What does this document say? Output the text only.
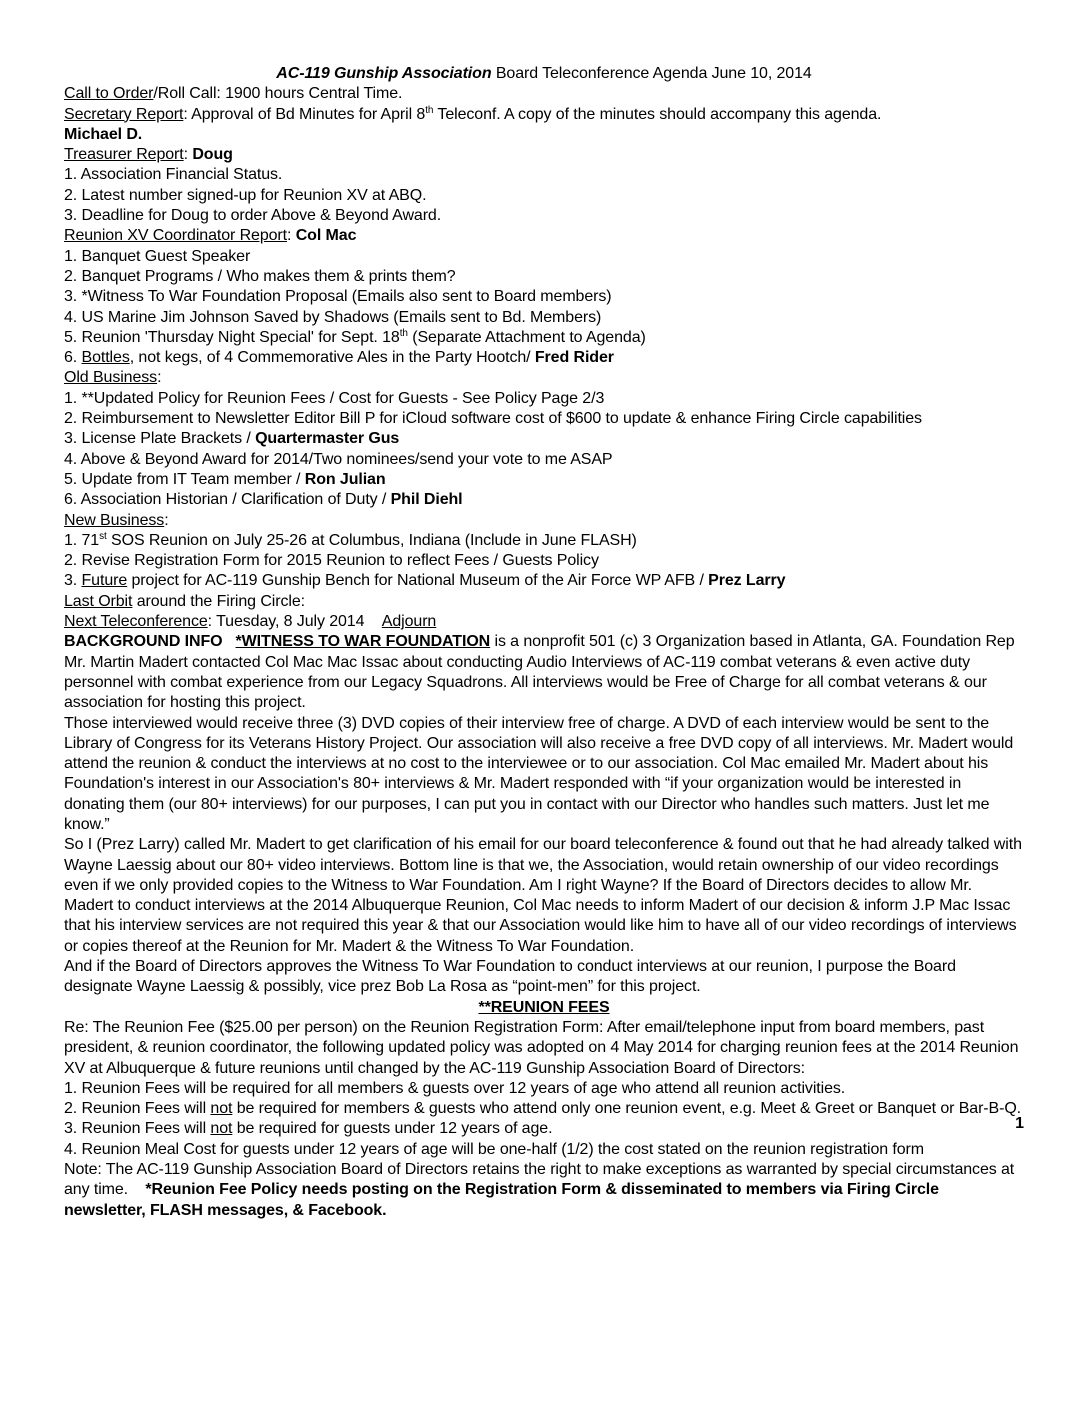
AC-119 Gunship Association Board Teleconference Agenda June 10, 2014
Call to Order/Roll Call: 1900 hours Central Time.
Secretary Report: Approval of Bd Minutes for April 8th Teleconf. A copy of the minutes should accompany this agenda.
Michael D.
Treasurer Report: Doug
1. Association Financial Status.
2. Latest number signed-up for Reunion XV at ABQ.
3. Deadline for Doug to order Above & Beyond Award.
Reunion XV Coordinator Report: Col Mac
1. Banquet Guest Speaker
2. Banquet Programs / Who makes them & prints them?
3. *Witness To War Foundation Proposal (Emails also sent to Board members)
4. US Marine Jim Johnson Saved by Shadows (Emails sent to Bd. Members)
5. Reunion 'Thursday Night Special' for Sept. 18th (Separate Attachment to Agenda)
6. Bottles, not kegs, of 4 Commemorative Ales in the Party Hootch/ Fred Rider
Old Business:
1. **Updated Policy for Reunion Fees / Cost for Guests - See Policy Page 2/3
2. Reimbursement to Newsletter Editor Bill P for iCloud software cost of $600 to update & enhance Firing Circle capabilities
3. License Plate Brackets / Quartermaster Gus
4. Above & Beyond Award for 2014/Two nominees/send your vote to me ASAP
5. Update from IT Team member / Ron Julian
6. Association Historian / Clarification of Duty / Phil Diehl
New Business:
1. 71st SOS Reunion on July 25-26 at Columbus, Indiana (Include in June FLASH)
2. Revise Registration Form for 2015 Reunion to reflect Fees / Guests Policy
3. Future project for AC-119 Gunship Bench for National Museum of the Air Force WP AFB / Prez Larry
Last Orbit around the Firing Circle:
Next Teleconference: Tuesday, 8 July 2014 Adjourn
BACKGROUND INFO *WITNESS TO WAR FOUNDATION is a nonprofit 501 (c) 3 Organization based in Atlanta, GA. Foundation Rep Mr. Martin Madert contacted Col Mac Mac Issac about conducting Audio Interviews of AC-119 combat veterans & even active duty personnel with combat experience from our Legacy Squadrons. All interviews would be Free of Charge for all combat veterans & our association for hosting this project.
Those interviewed would receive three (3) DVD copies of their interview free of charge. A DVD of each interview would be sent to the Library of Congress for its Veterans History Project. Our association will also receive a free DVD copy of all interviews. Mr. Madert would attend the reunion & conduct the interviews at no cost to the interviewee or to our association. Col Mac emailed Mr. Madert about his Foundation's interest in our Association's 80+ interviews & Mr. Madert responded with “if your organization would be interested in donating them (our 80+ interviews) for our purposes, I can put you in contact with our Director who handles such matters. Just let me know.”
So I (Prez Larry) called Mr. Madert to get clarification of his email for our board teleconference & found out that he had already talked with Wayne Laessig about our 80+ video interviews. Bottom line is that we, the Association, would retain ownership of our video recordings even if we only provided copies to the Witness to War Foundation. Am I right Wayne? If the Board of Directors decides to allow Mr. Madert to conduct interviews at the 2014 Albuquerque Reunion, Col Mac needs to inform Madert of our decision & inform J.P Mac Issac that his interview services are not required this year & that our Association would like him to have all of our video recordings of interviews or copies thereof at the Reunion for Mr. Madert & the Witness To War Foundation.
And if the Board of Directors approves the Witness To War Foundation to conduct interviews at our reunion, I purpose the Board designate Wayne Laessig & possibly, vice prez Bob La Rosa as “point-men” for this project.
**REUNION FEES
Re: The Reunion Fee ($25.00 per person) on the Reunion Registration Form: After email/telephone input from board members, past president, & reunion coordinator, the following updated policy was adopted on 4 May 2014 for charging reunion fees at the 2014 Reunion XV at Albuquerque & future reunions until changed by the AC-119 Gunship Association Board of Directors:
1. Reunion Fees will be required for all members & guests over 12 years of age who attend all reunion activities.
2. Reunion Fees will not be required for members & guests who attend only one reunion event, e.g. Meet & Greet or Banquet or Bar-B-Q.
3. Reunion Fees will not be required for guests under 12 years of age.
4. Reunion Meal Cost for guests under 12 years of age will be one-half (1/2) the cost stated on the reunion registration form
Note: The AC-119 Gunship Association Board of Directors retains the right to make exceptions as warranted by special circumstances at any time.    *Reunion Fee Policy needs posting on the Registration Form & disseminated to members via Firing Circle newsletter, FLASH messages, & Facebook.
1
